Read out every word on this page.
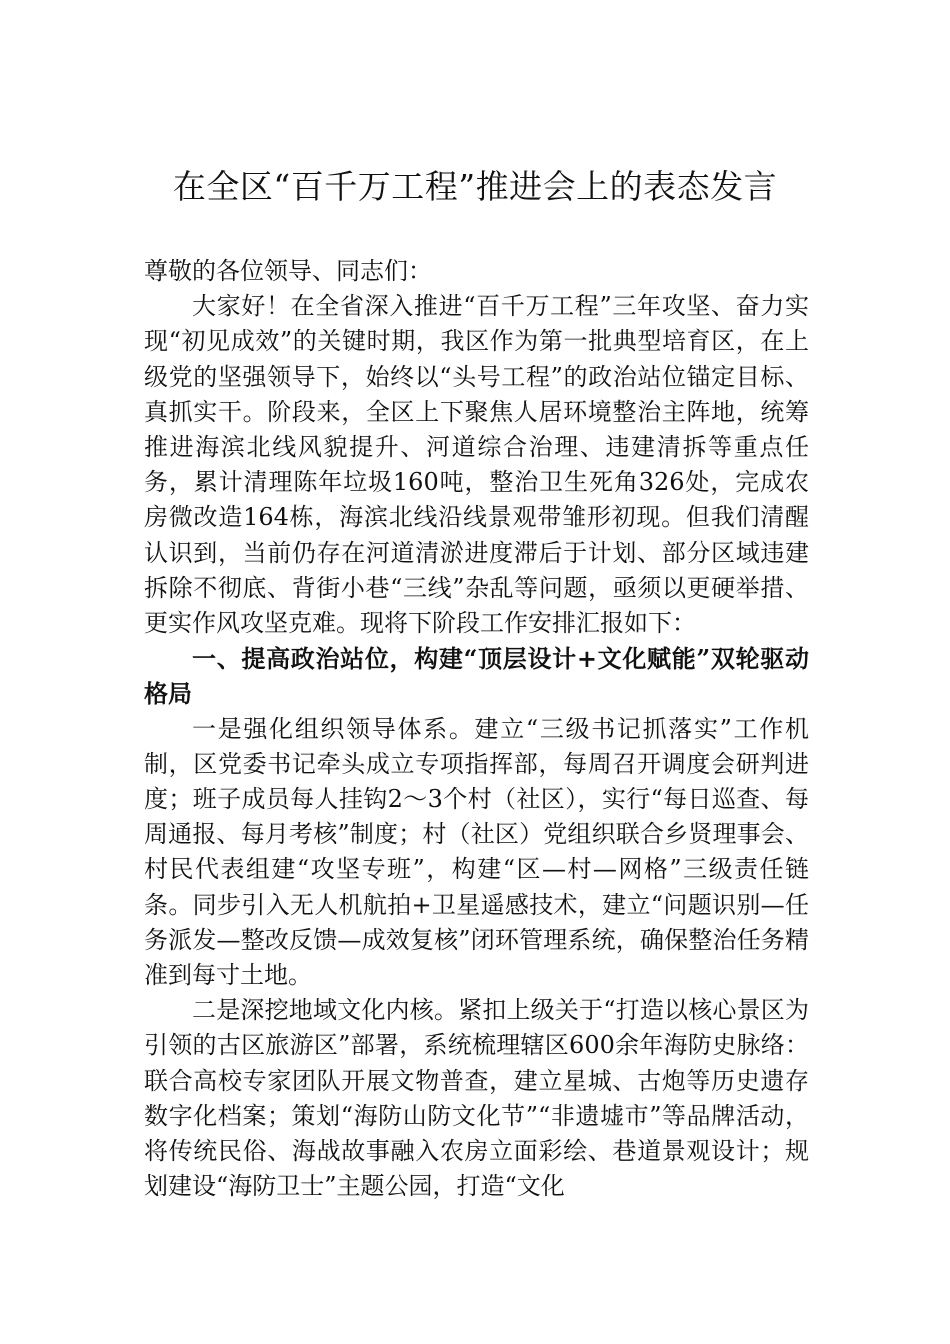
在全区“百千万工程”推进会上的表态发言

尊敬的各位领导、同志们：

大家好！在全省深入推进“百千万工程”三年攻坚、奋力实现“初见成效”的关键时期，我区作为第一批典型培育区，在上级党的坚强领导下，始终以“头号工程”的政治站位锚定目标、真抓实干。阶段来，全区上下聚焦人居环境整治主阵地，统筹推进海滨北线风貌提升、河道综合治理、违建清拆等重点任务，累计清理陈年垃圾160吨，整治卫生死角326处，完成农房微改造164栋，海滨北线沿线景观带雏形初现。但我们清醒认识到，当前仍存在河道清淤进度滞后于计划、部分区域违建拆除不彻底、背街小巷“三线”杂乱等问题，亟须以更硬举措、更实作风攻坚克难。现将下阶段工作安排汇报如下：

一、提高政治站位，构建“顶层设计+文化赋能”双轮驱动格局

一是强化组织领导体系。建立“三级书记抓落实”工作机制，区党委书记牵头成立专项指挥部，每周召开调度会研判进度；班子成员每人挂钩2～3个村（社区），实行“每日巡查、每周通报、每月考核”制度；村（社区）党组织联合乡贤理事会、村民代表组建“攻坚专班”，构建“区—村—网格”三级责任链条。同步引入无人机航拍+卫星遥感技术，建立“问题识别—任务派发—整改反馈—成效复核”闭环管理系统，确保整治任务精准到每寸土地。

二是深挖地域文化内核。紧扣上级关于“打造以核心景区为引领的古区旅游区”部署，系统梳理辖区600余年海防史脉络：联合高校专家团队开展文物普查，建立星城、古炮等历史遗存数字化档案；策划“海防山防文化节”“非遗墟市”等品牌活动，将传统民俗、海战故事融入农房立面彩绘、巷道景观设计；规划建设“海防卫士”主题公园，打造“文化
